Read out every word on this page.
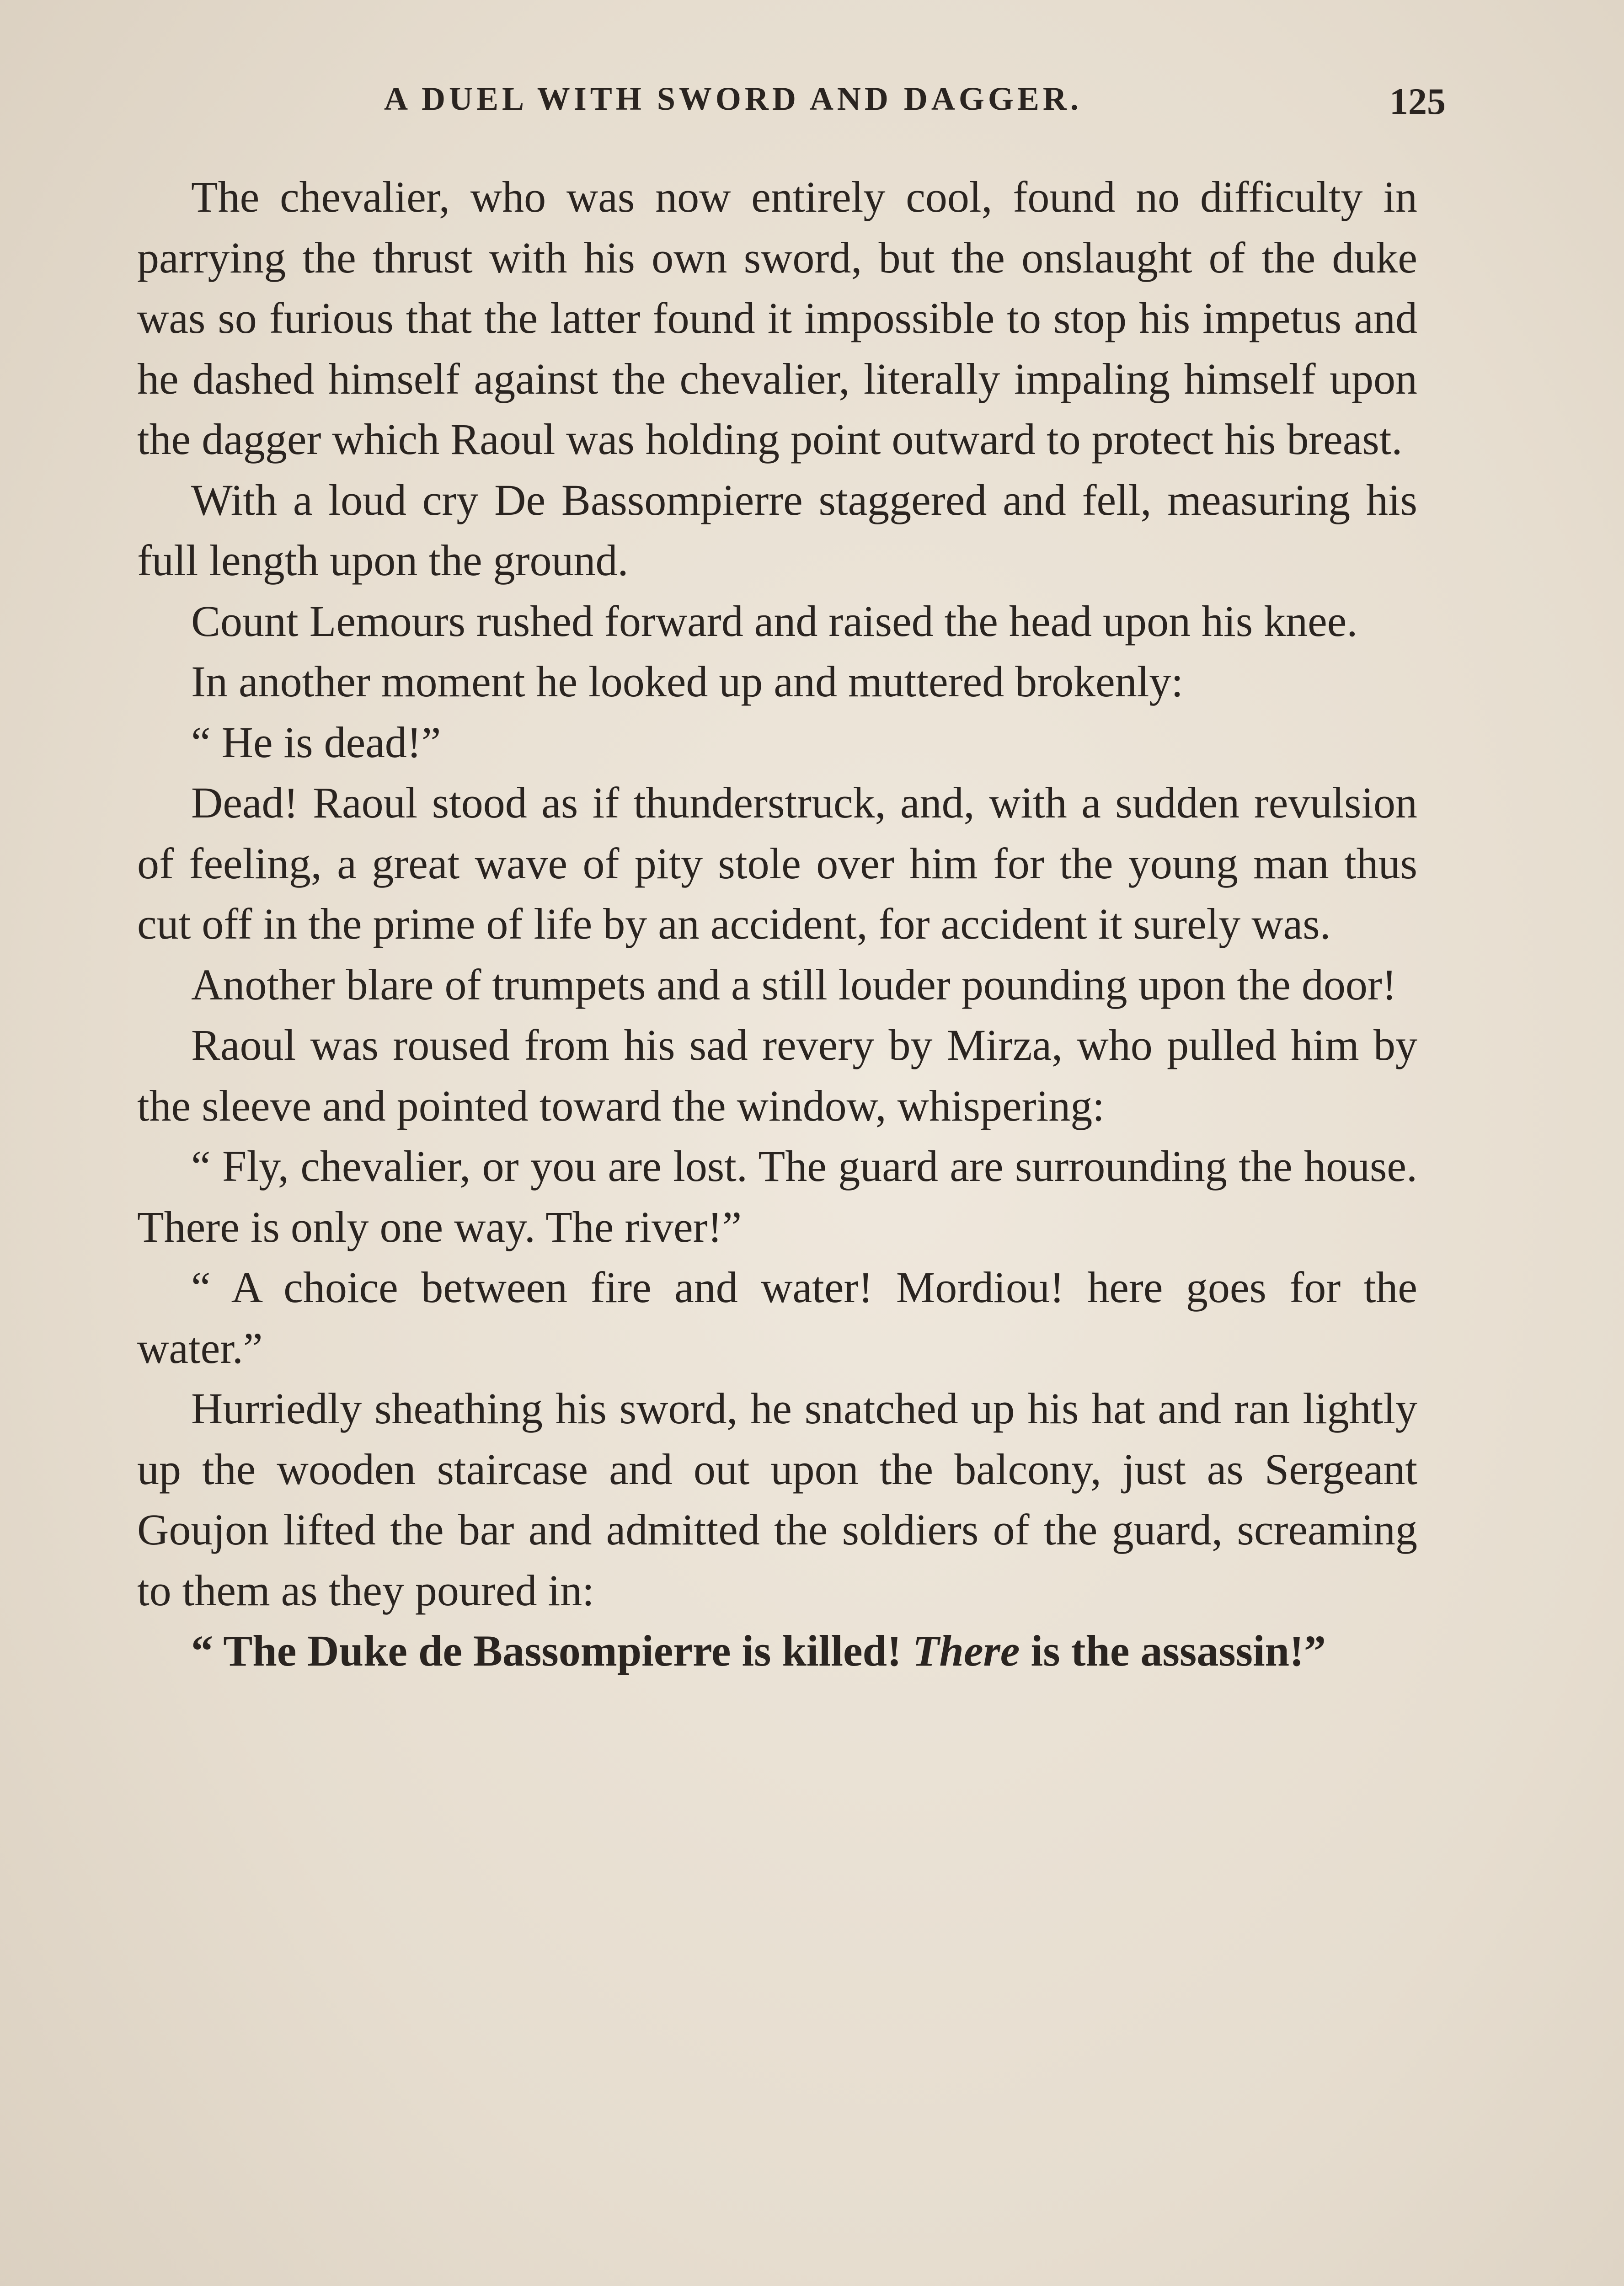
A DUEL WITH SWORD AND DAGGER.	125

The chevalier, who was now entirely cool, found no difficulty in parrying the thrust with his own sword, but the onslaught of the duke was so furious that the latter found it impossible to stop his impetus and he dashed himself against the chevalier, literally impaling himself upon the dagger which Raoul was holding point outward to protect his breast.

With a loud cry De Bassompierre staggered and fell, measuring his full length upon the ground.

Count Lemours rushed forward and raised the head upon his knee.

In another moment he looked up and muttered brokenly:

“ He is dead!”

Dead! Raoul stood as if thunderstruck, and, with a sudden revulsion of feeling, a great wave of pity stole over him for the young man thus cut off in the prime of life by an accident, for accident it surely was.

Another blare of trumpets and a still louder pounding upon the door!

Raoul was roused from his sad revery by Mirza, who pulled him by the sleeve and pointed toward the window, whispering:

“ Fly, chevalier, or you are lost. The guard are surrounding the house. There is only one way. The river!”

“ A choice between fire and water! Mordiou! here goes for the water.”

Hurriedly sheathing his sword, he snatched up his hat and ran lightly up the wooden staircase and out upon the balcony, just as Sergeant Goujon lifted the bar and admitted the soldiers of the guard, screaming to them as they poured in:

“ The Duke de Bassompierre is killed! There is the assassin!”
